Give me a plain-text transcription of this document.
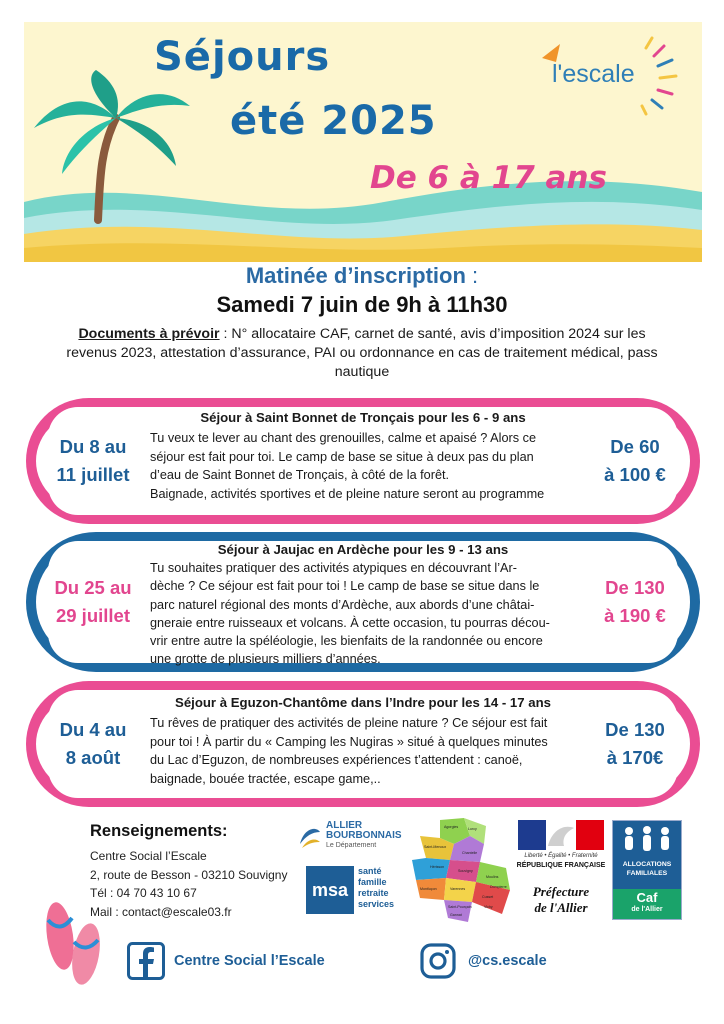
Séjours
été 2025
De 6 à 17 ans
l'escale
Matinée d’inscription :
Samedi 7 juin de 9h à 11h30
Documents à prévoir : N° allocataire CAF, carnet de santé, avis d’imposition 2024 sur les revenus 2023, attestation d’assurance, PAI ou ordonnance en cas de traitement médical, pass nautique
Du 8 au
11 juillet
De 60
à 100 €
Séjour à Saint Bonnet de Tronçais pour les 6 - 9 ans
Tu veux te lever au chant des grenouilles, calme et apaisé ? Alors ce
séjour est fait pour toi. Le camp de base se situe à deux pas du plan
d’eau de Saint Bonnet de Tronçais, à côté de la forêt.
Baignade, activités sportives et de pleine nature seront au programme
Du 25 au
29 juillet
De 130
à 190 €
Séjour à Jaujac en Ardèche pour les 9 - 13 ans
Tu souhaites pratiquer des activités atypiques en découvrant l’Ar-
dèche ? Ce séjour est fait pour toi ! Le camp de base se situe dans le
parc naturel régional des monts d’Ardèche, aux abords d’une châtai-
gneraie entre ruisseaux et volcans. À cette occasion, tu pourras décou-
vrir entre autre la spéléologie, les bienfaits de la randonnée ou encore
une grotte de plusieurs milliers d’années.
Du 4 au
8 août
De 130
à 170€
Séjour à Eguzon-Chantôme dans l’Indre pour les 14 - 17 ans
Tu rêves de pratiquer des activités de pleine nature ? Ce séjour est fait
pour toi ! À partir du « Camping les Nugiras » situé à quelques minutes
du Lac d’Eguzon, de nombreuses expériences t’attendent : canoë,
baignade, bouée tractée, escape game,..
Renseignements:
Centre Social l’Escale
2, route de Besson - 03210 Souvigny
Tél : 04 70 43 10 67
Mail : contact@escale03.fr
ALLIER
BOURBONNAIS
Le Département
msa
santé
famille
retraite
services
Agorgies
Saint-Menoux
Lurcy
Chantelle
Hérisson
Souvigny
Montluçon
Moulins
Dompierre
Varennes
Saint-Pourçain
Gannat
Cusset
Vichy
Liberté • Égalité • Fraternité
RÉPUBLIQUE FRANÇAISE
Préfecture
de l'Allier
ALLOCATIONS
FAMILIALES
Caf
de l'Allier
Centre Social l’Escale	@cs.escale
